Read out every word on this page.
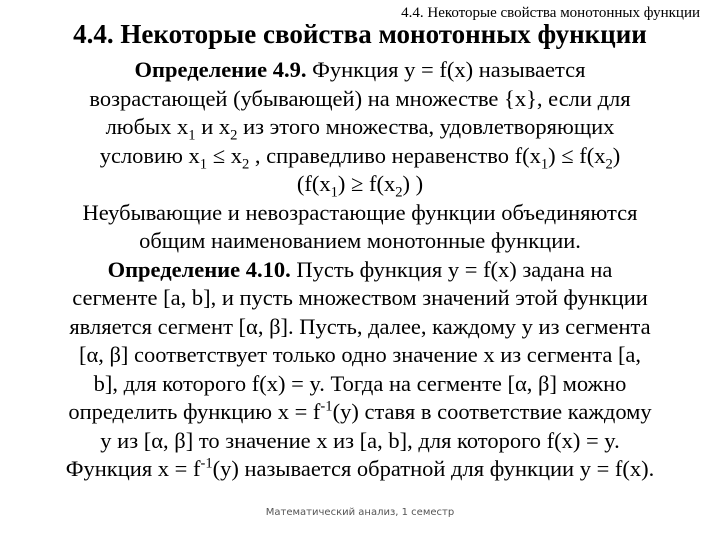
4.4. Некоторые свойства монотонных функции
4.4. Некоторые свойства монотонных функции
Определение 4.9. Функция y = f(x) называется
возрастающей (убывающей) на множестве {x}, если для
любых $x_1$ и $x_2$ из этого множества, удовлетворяющих
условию $x_1 \le x_2$ , справедливо неравенство $f(x_1) \le f(x_2)$
($f(x_1) \ge f(x_2)$ )
Неубывающие и невозрастающие функции объединяются
общим наименованием монотонные функции.
Определение 4.10. Пусть функция y = f(x) задана на
сегменте [a, b], и пусть множеством значений этой функции
является сегмент [α, β]. Пусть, далее, каждому y из сегмента
[α, β] соответствует только одно значение x из сегмента [a,
b], для которого f(x) = y. Тогда на сегменте [α, β] можно
определить функцию $x = f^{-1}(y)$ ставя в соответствие каждому
y из [α, β] то значение x из [a, b], для которого f(x) = y.
Функция $x = f^{-1}(y)$ называется обратной для функции y = f(x).
Математический анализ, 1 семестр
